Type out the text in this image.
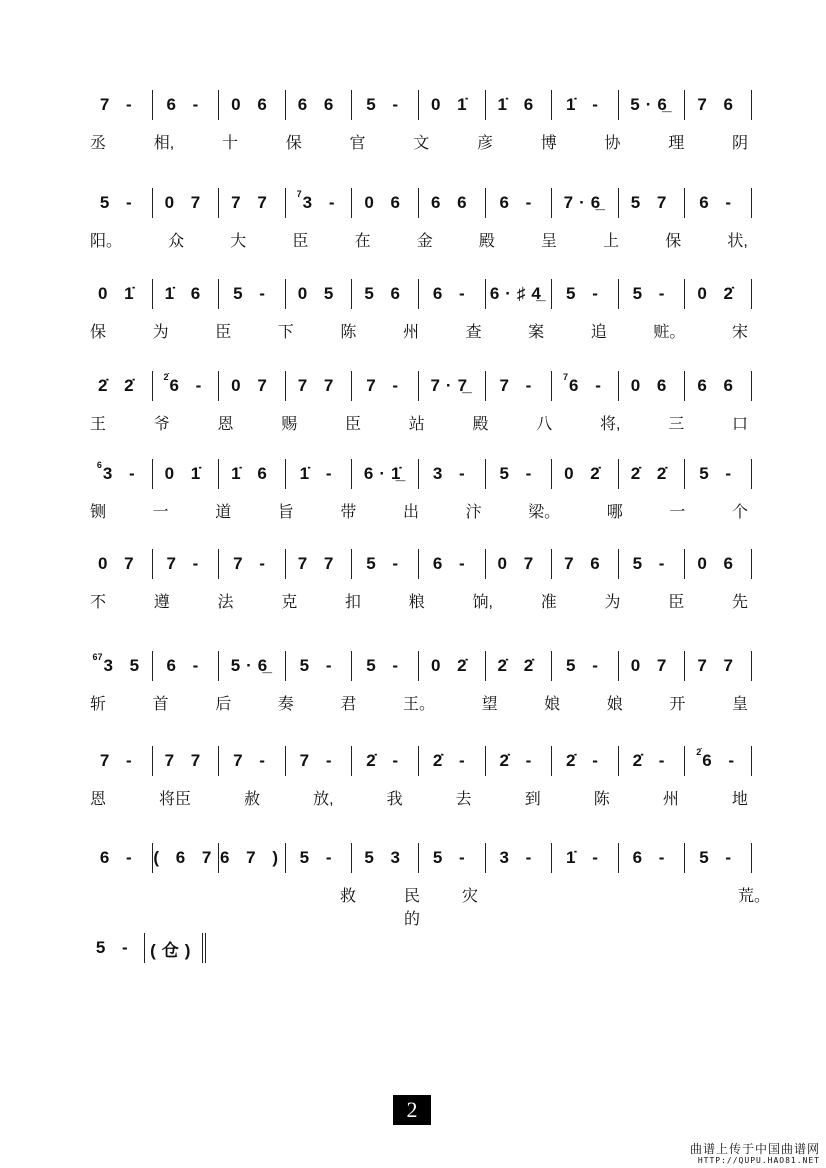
7 - 6 - 0 6 6 6 5 - 0 1̇ 1̇ 6 1̇ - 5·6̲ 7 6
丞	相,	十	保	官	文	彦	博	协	理	阴
5 - 0 7 7 7	7 3 - 0 6 6 6 6 - 7·6̲ 5 7 6 -
阳。	众	大	臣	在	金	殿	呈	上	保	状,
0 1̇ 1̇ 6 5 - 0 5 5 6 6 - 6·♯4̲ 5 - 5 - 0 2̇
保	为	臣	下	陈	州	查	案	追	赃。	宋
2̇ 2̇	2̇ 6 - 0 7 7 7 7 - 7·7̲ 7 -	7 6 - 0 6 6 6
王	爷	恩	赐	臣	站	殿	八	将,	三	口
6 3 - 0 1̇ 1̇ 6 1̇ - 6·1̲̇ 3 - 5 - 0 2̇ 2̇ 2̇ 5 -
铡	一	道	旨	带	出	汴	梁。	哪	一	个
0 7 7 - 7 - 7 7 5 - 6 - 0 7 7 6 5 - 0 6
不	遵	法	克	扣	粮	饷,	准	为	臣	先
67 3 5 6 - 5·6̲ 5 - 5 - 0 2̇ 2̇ 2̇ 5 - 0 7 7 7
斩	首	后	奏	君	王。	望	娘	娘	开	皇
7 - 7 7 7 - 7 - 2̇ - 2̇ - 2̇ - 2̇ - 2̇ -	2̇ 6 -
恩	将臣	赦	放,	我	去	到	陈	州	地
6 - ( 6 7 6 7 ) 5 - 5 3 5 - 3 - 1̇ - 6 - 5 -
救	民的
灾	荒。
5 - (仓)
2
曲谱上传于中国曲谱网
HTTP://QUPU.HAO81.NET
